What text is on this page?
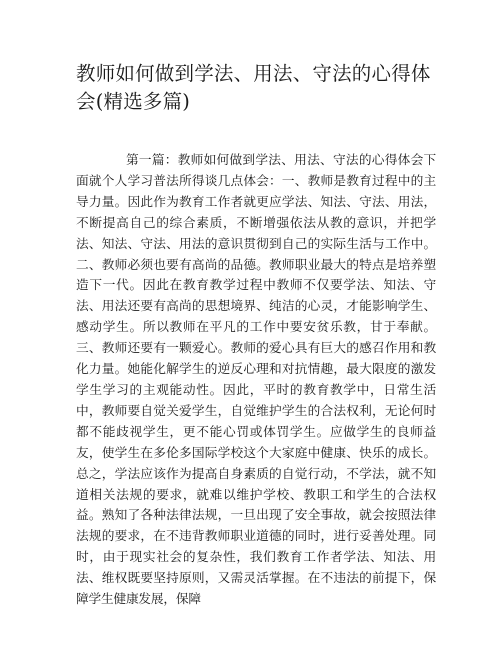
教师如何做到学法、用法、守法的心得体会(精选多篇)

第一篇：教师如何做到学法、用法、守法的心得体会下面就个人学习普法所得谈几点体会：一、教师是教育过程中的主导力量。因此作为教育工作者就更应学法、知法、守法、用法，不断提高自己的综合素质，不断增强依法从教的意识，并把学法、知法、守法、用法的意识贯彻到自己的实际生活与工作中。二、教师必须也要有高尚的品德。教师职业最大的特点是培养塑造下一代。因此在教育教学过程中教师不仅要学法、知法、守法、用法还要有高尚的思想境界、纯洁的心灵，才能影响学生、感动学生。所以教师在平凡的工作中要安贫乐教，甘于奉献。三、教师还要有一颗爱心。教师的爱心具有巨大的感召作用和教化力量。她能化解学生的逆反心理和对抗情趣，最大限度的激发学生学习的主观能动性。因此，平时的教育教学中，日常生活中，教师要自觉关爱学生，自觉维护学生的合法权利，无论何时都不能歧视学生，更不能心罚或体罚学生。应做学生的良师益友，使学生在多伦多国际学校这个大家庭中健康、快乐的成长。总之，学法应该作为提高自身素质的自觉行动，不学法，就不知道相关法规的要求，就难以维护学校、教职工和学生的合法权益。熟知了各种法律法规，一旦出现了安全事故，就会按照法律法规的要求，在不违背教师职业道德的同时，进行妥善处理。同时，由于现实社会的复杂性，我们教育工作者学法、知法、用法、维权既要坚持原则，又需灵活掌握。在不违法的前提下，保障学生健康发展，保障
